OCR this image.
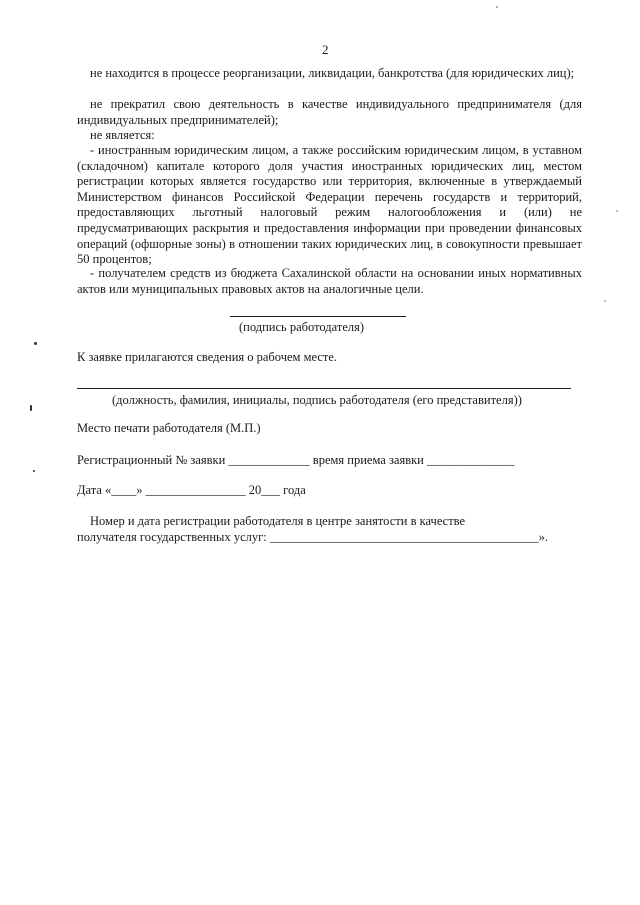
2
не находится в процессе реорганизации, ликвидации, банкротства (для юридических лиц);
не прекратил свою деятельность в качестве индивидуального предпринимателя (для индивидуальных предпринимателей);
не является:
- иностранным юридическим лицом, а также российским юридическим лицом, в уставном (складочном) капитале которого доля участия иностранных юридических лиц, местом регистрации которых является государство или территория, включенные в утверждаемый Министерством финансов Российской Федерации перечень государств и территорий, предоставляющих льготный налоговый режим налогообложения и (или) не предусматривающих раскрытия и предоставления информации при проведении финансовых операций (офшорные зоны) в отношении таких юридических лиц, в совокупности превышает 50 процентов;
- получателем средств из бюджета Сахалинской области на основании иных нормативных актов или муниципальных правовых актов на аналогичные цели.
(подпись работодателя)
К заявке прилагаются сведения о рабочем месте.
(должность, фамилия, инициалы, подпись работодателя (его представителя))
Место печати работодателя (М.П.)
Регистрационный № заявки _____________ время приема заявки ______________
Дата «____» ________________ 20___ года
Номер и дата регистрации работодателя в центре занятости в качестве
получателя государственных услуг: ___________________________________________».
